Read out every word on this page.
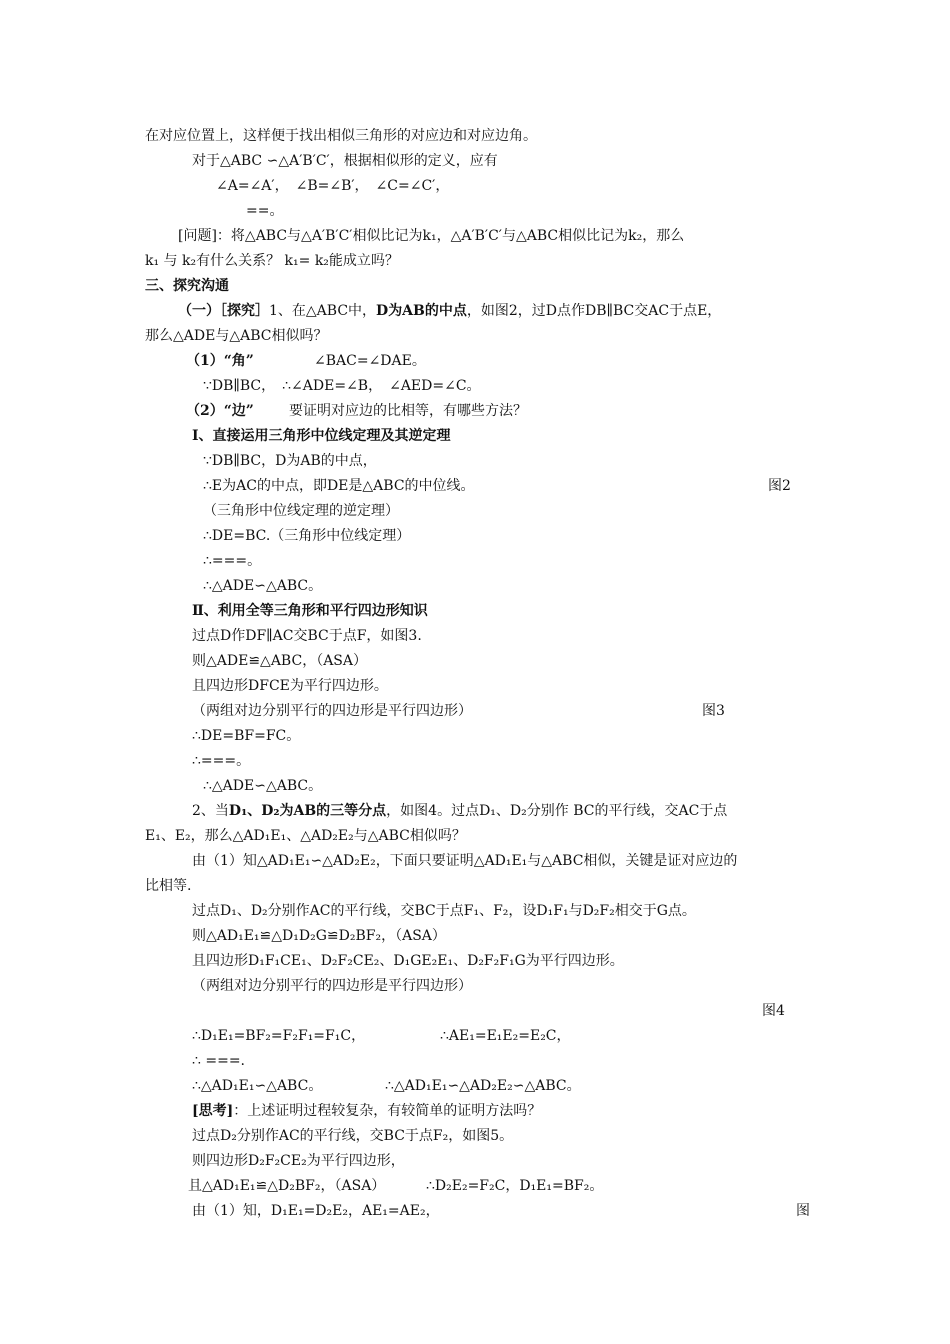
在对应位置上，这样便于找出相似三角形的对应边和对应边角。
对于△ABC ∽△A′B′C′，根据相似形的定义，应有
∠A=∠A′，　∠B=∠B′，　∠C=∠C′，
==。
[问题]：将△ABC与△A′B′C′相似比记为k₁，△A′B′C′与△ABC相似比记为k₂，那么
k₁ 与 k₂有什么关系？ k₁= k₂能成立吗？
三、探究沟通
（一）［探究］1、在△ABC中，D为AB的中点，如图2，过D点作DB∥BC交AC于点E，
那么△ADE与△ABC相似吗？
（1）“角”	∠BAC=∠DAE。
∵DB∥BC，　∴∠ADE=∠B，　∠AED=∠C。
（2）“边”	要证明对应边的比相等，有哪些方法？
Ⅰ、直接运用三角形中位线定理及其逆定理
∵DB∥BC，D为AB的中点，
∴E为AC的中点，即DE是△ABC的中位线。	图2
（三角形中位线定理的逆定理）
∴DE=BC.（三角形中位线定理）
∴===。
∴△ADE∽△ABC。
Ⅱ、利用全等三角形和平行四边形知识
过点D作DF∥AC交BC于点F，如图3.
则△ADE≌△ABC，（ASA）
且四边形DFCE为平行四边形。
（两组对边分别平行的四边形是平行四边形）	图3
∴DE=BF=FC。
∴===。
∴△ADE∽△ABC。
2、当D₁、D₂为AB的三等分点，如图4。过点D₁、D₂分别作 BC的平行线，交AC于点
E₁、E₂，那么△AD₁E₁、△AD₂E₂与△ABC相似吗？
由（1）知△AD₁E₁∽△AD₂E₂，下面只要证明△AD₁E₁与△ABC相似，关键是证对应边的
比相等.
过点D₁、D₂分别作AC的平行线，交BC于点F₁、F₂，设D₁F₁与D₂F₂相交于G点。
则△AD₁E₁≌△D₁D₂G≌D₂BF₂，（ASA）
且四边形D₁F₁CE₁、D₂F₂CE₂、D₁GE₂E₁、D₂F₂F₁G为平行四边形。
（两组对边分别平行的四边形是平行四边形）
图4
∴D₁E₁=BF₂=F₂F₁=F₁C，	∴AE₁=E₁E₂=E₂C，
∴ ===.
∴△AD₁E₁∽△ABC。	∴△AD₁E₁∽△AD₂E₂∽△ABC。
[思考]：上述证明过程较复杂，有较简单的证明方法吗？
过点D₂分别作AC的平行线，交BC于点F₂，如图5。
则四边形D₂F₂CE₂为平行四边形，
且△AD₁E₁≌△D₂BF₂，（ASA）	∴D₂E₂=F₂C，D₁E₁=BF₂。
由（1）知，D₁E₁=D₂E₂，AE₁=AE₂，	图
